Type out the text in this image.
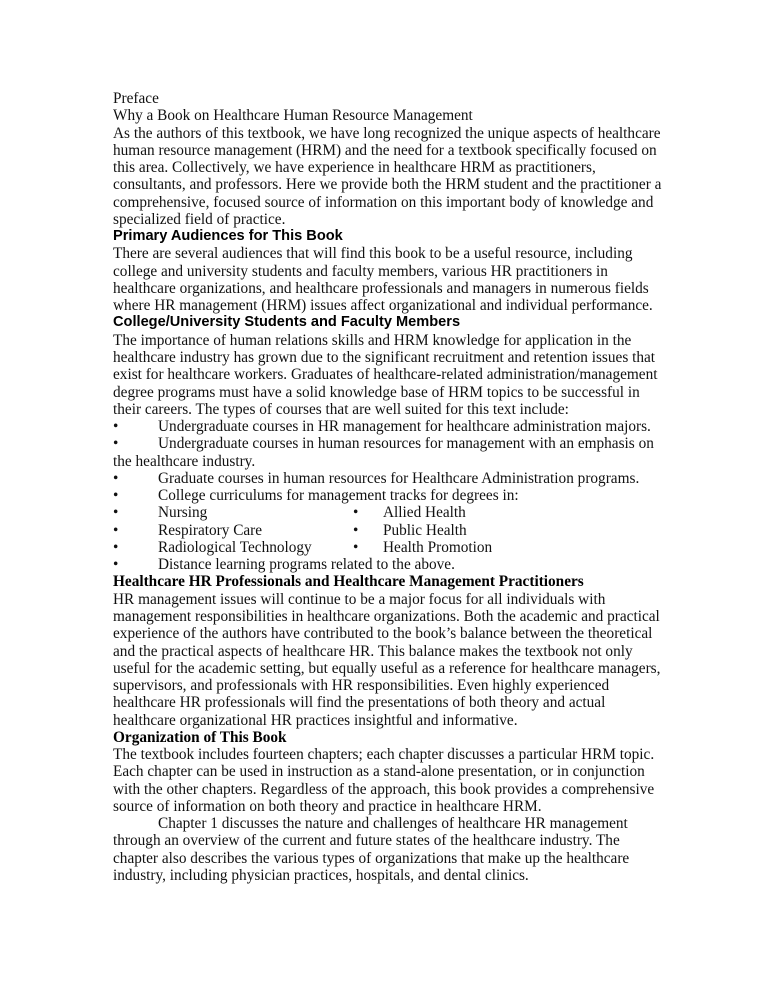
Preface
Why a Book on Healthcare Human Resource Management
As the authors of this textbook, we have long recognized the unique aspects of healthcare
human resource management (HRM) and the need for a textbook specifically focused on
this area. Collectively, we have experience in healthcare HRM as practitioners,
consultants, and professors. Here we provide both the HRM student and the practitioner a
comprehensive, focused source of information on this important body of knowledge and
specialized field of practice.
Primary Audiences for This Book
There are several audiences that will find this book to be a useful resource, including
college and university students and faculty members, various HR practitioners in
healthcare organizations, and healthcare professionals and managers in numerous fields
where HR management (HRM) issues affect organizational and individual performance.
College/University Students and Faculty Members
The importance of human relations skills and HRM knowledge for application in the
healthcare industry has grown due to the significant recruitment and retention issues that
exist for healthcare workers. Graduates of healthcare-related administration/management
degree programs must have a solid knowledge base of HRM topics to be successful in
their careers. The types of courses that are well suited for this text include:
•	Undergraduate courses in HR management for healthcare administration majors.
•	Undergraduate courses in human resources for management with an emphasis on
the healthcare industry.
•	Graduate courses in human resources for Healthcare Administration programs.
•	College curriculums for management tracks for degrees in:
•	Nursing	• Allied Health
•	Respiratory Care	• Public Health
•	Radiological Technology	• Health Promotion
•	Distance learning programs related to the above.
Healthcare HR Professionals and Healthcare Management Practitioners
HR management issues will continue to be a major focus for all individuals with
management responsibilities in healthcare organizations. Both the academic and practical
experience of the authors have contributed to the book’s balance between the theoretical
and the practical aspects of healthcare HR. This balance makes the textbook not only
useful for the academic setting, but equally useful as a reference for healthcare managers,
supervisors, and professionals with HR responsibilities. Even highly experienced
healthcare HR professionals will find the presentations of both theory and actual
healthcare organizational HR practices insightful and informative.
Organization of This Book
The textbook includes fourteen chapters; each chapter discusses a particular HRM topic.
Each chapter can be used in instruction as a stand-alone presentation, or in conjunction
with the other chapters. Regardless of the approach, this book provides a comprehensive
source of information on both theory and practice in healthcare HRM.
Chapter 1 discusses the nature and challenges of healthcare HR management
through an overview of the current and future states of the healthcare industry. The
chapter also describes the various types of organizations that make up the healthcare
industry, including physician practices, hospitals, and dental clinics.
